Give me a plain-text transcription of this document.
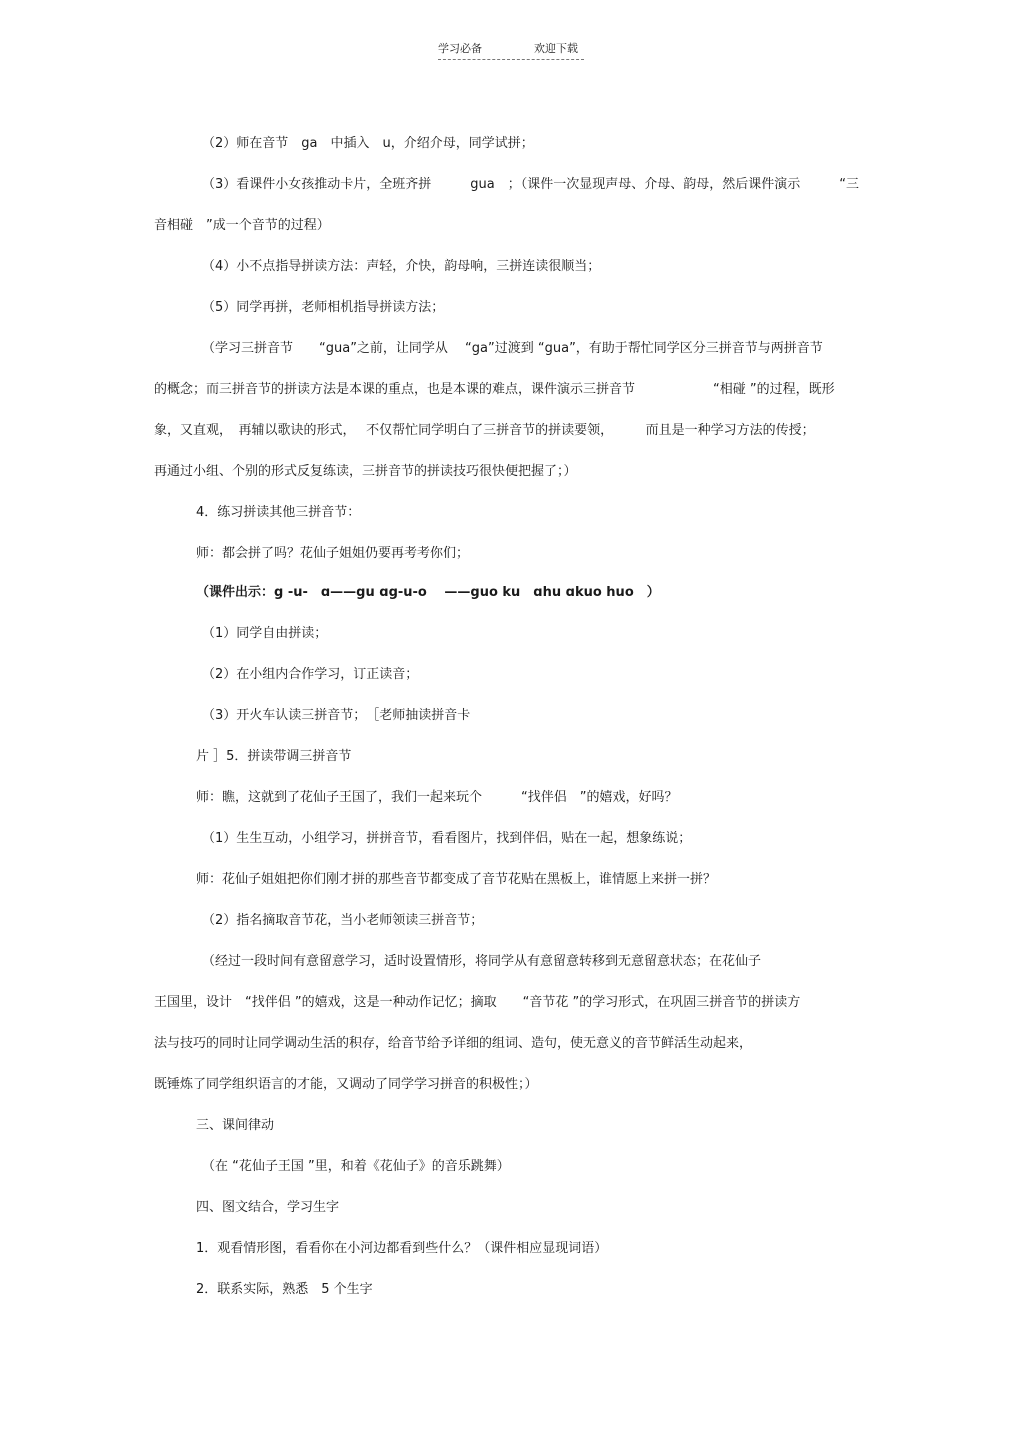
学习必备	欢迎下载
（2）师在音节　ga　中插入　u，介绍介母，同学试拼；
（3）看课件小女孩推动卡片，全班齐拼　　　gua　；（课件一次显现声母、介母、韵母，然后课件演示　　　“三
音相碰　”成一个音节的过程）
（4）小不点指导拼读方法：声轻，介快，韵母响，三拼连读很顺当；
（5）同学再拼，老师相机指导拼读方法；
（学习三拼音节　　“gua”之前，让同学从　 “ga”过渡到 “gua”，有助于帮忙同学区分三拼音节与两拼音节
的概念；而三拼音节的拼读方法是本课的重点，也是本课的难点，课件演示三拼音节　　　　　　“相碰 ”的过程，既形
象，又直观，　再辅以歌诀的形式，　 不仅帮忙同学明白了三拼音节的拼读要领，　　　而且是一种学习方法的传授；
再通过小组、个别的形式反复练读，三拼音节的拼读技巧很快便把握了；）
4．练习拼读其他三拼音节：
师：都会拼了吗？花仙子姐姐仍要再考考你们；
（课件出示：g -u-　ɑ——gu ɑg-u-o 　——guo ku　ɑhu ɑkuo huo　）
（1）同学自由拼读；
（2）在小组内合作学习，订正读音；
（3）开火车认读三拼音节；　［老师抽读拼音卡
片 ］5．拼读带调三拼音节
师：瞧，这就到了花仙子王国了，我们一起来玩个　　　“找伴侣　”的嬉戏，好吗？
（1）生生互动，小组学习，拼拼音节，看看图片，找到伴侣，贴在一起，想象练说；
师：花仙子姐姐把你们刚才拼的那些音节都变成了音节花贴在黑板上，谁情愿上来拼一拼？
（2）指名摘取音节花，当小老师领读三拼音节；
（经过一段时间有意留意学习，适时设置情形，将同学从有意留意转移到无意留意状态；在花仙子
王国里，设计　“找伴侣 ”的嬉戏，这是一种动作记忆；摘取　　“音节花 ”的学习形式，在巩固三拼音节的拼读方
法与技巧的同时让同学调动生活的积存，给音节给予详细的组词、造句，使无意义的音节鲜活生动起来，
既锤炼了同学组织语言的才能，又调动了同学学习拼音的积极性；）
三、课间律动
（在 “花仙子王国 ”里，和着《花仙子》的音乐跳舞）
四、图文结合，学习生字
1．观看情形图，看看你在小河边都看到些什么？（课件相应显现词语）
2．联系实际，熟悉　5 个生字
